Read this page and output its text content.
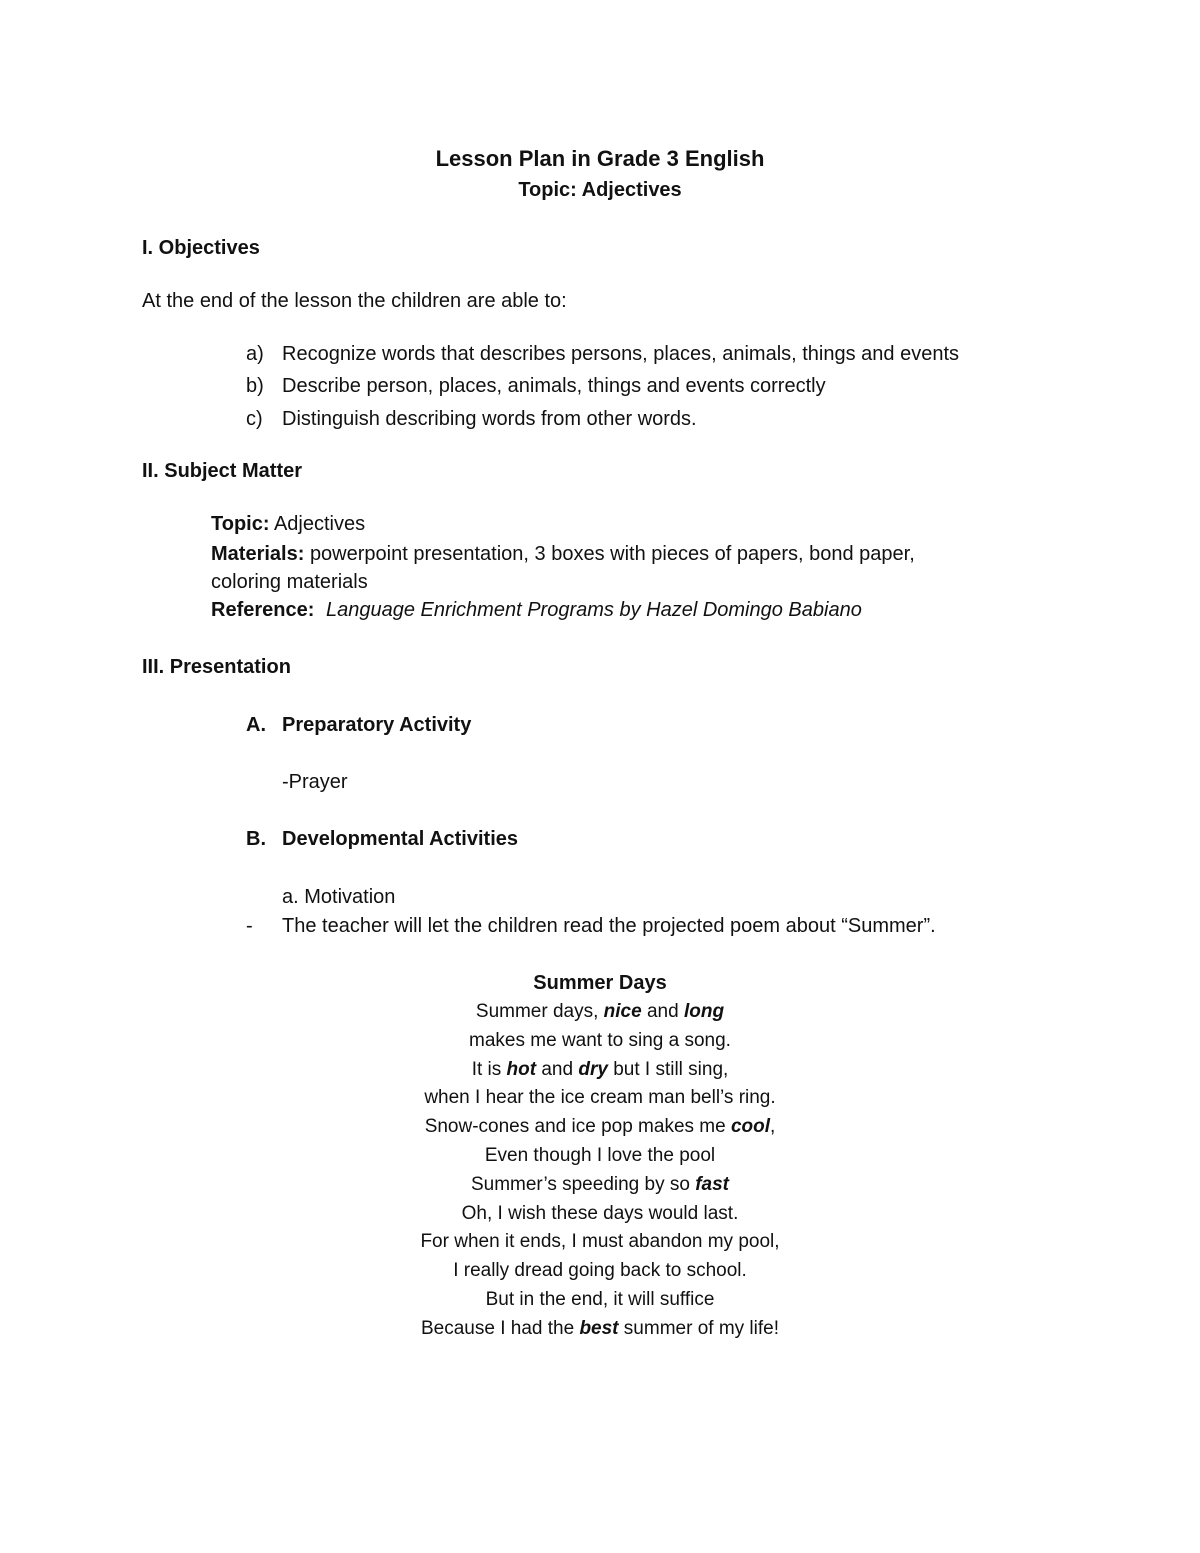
Lesson Plan in Grade 3 English
Topic: Adjectives
I. Objectives
At the end of the lesson the children are able to:
a) Recognize words that describes persons, places, animals, things and events
b) Describe person, places, animals, things and events correctly
c) Distinguish describing words from other words.
II. Subject Matter
Topic: Adjectives
Materials: powerpoint presentation, 3 boxes with pieces of papers, bond paper,
coloring materials
Reference: Language Enrichment Programs by Hazel Domingo Babiano
III. Presentation
A. Preparatory Activity
-Prayer
B. Developmental Activities
a. Motivation
- The teacher will let the children read the projected poem about “Summer”.
Summer Days
Summer days, nice and long
makes me want to sing a song.
It is hot and dry but I still sing,
when I hear the ice cream man bell’s ring.
Snow-cones and ice pop makes me cool,
Even though I love the pool
Summer’s speeding by so fast
Oh, I wish these days would last.
For when it ends, I must abandon my pool,
I really dread going back to school.
But in the end, it will suffice
Because I had the best summer of my life!
